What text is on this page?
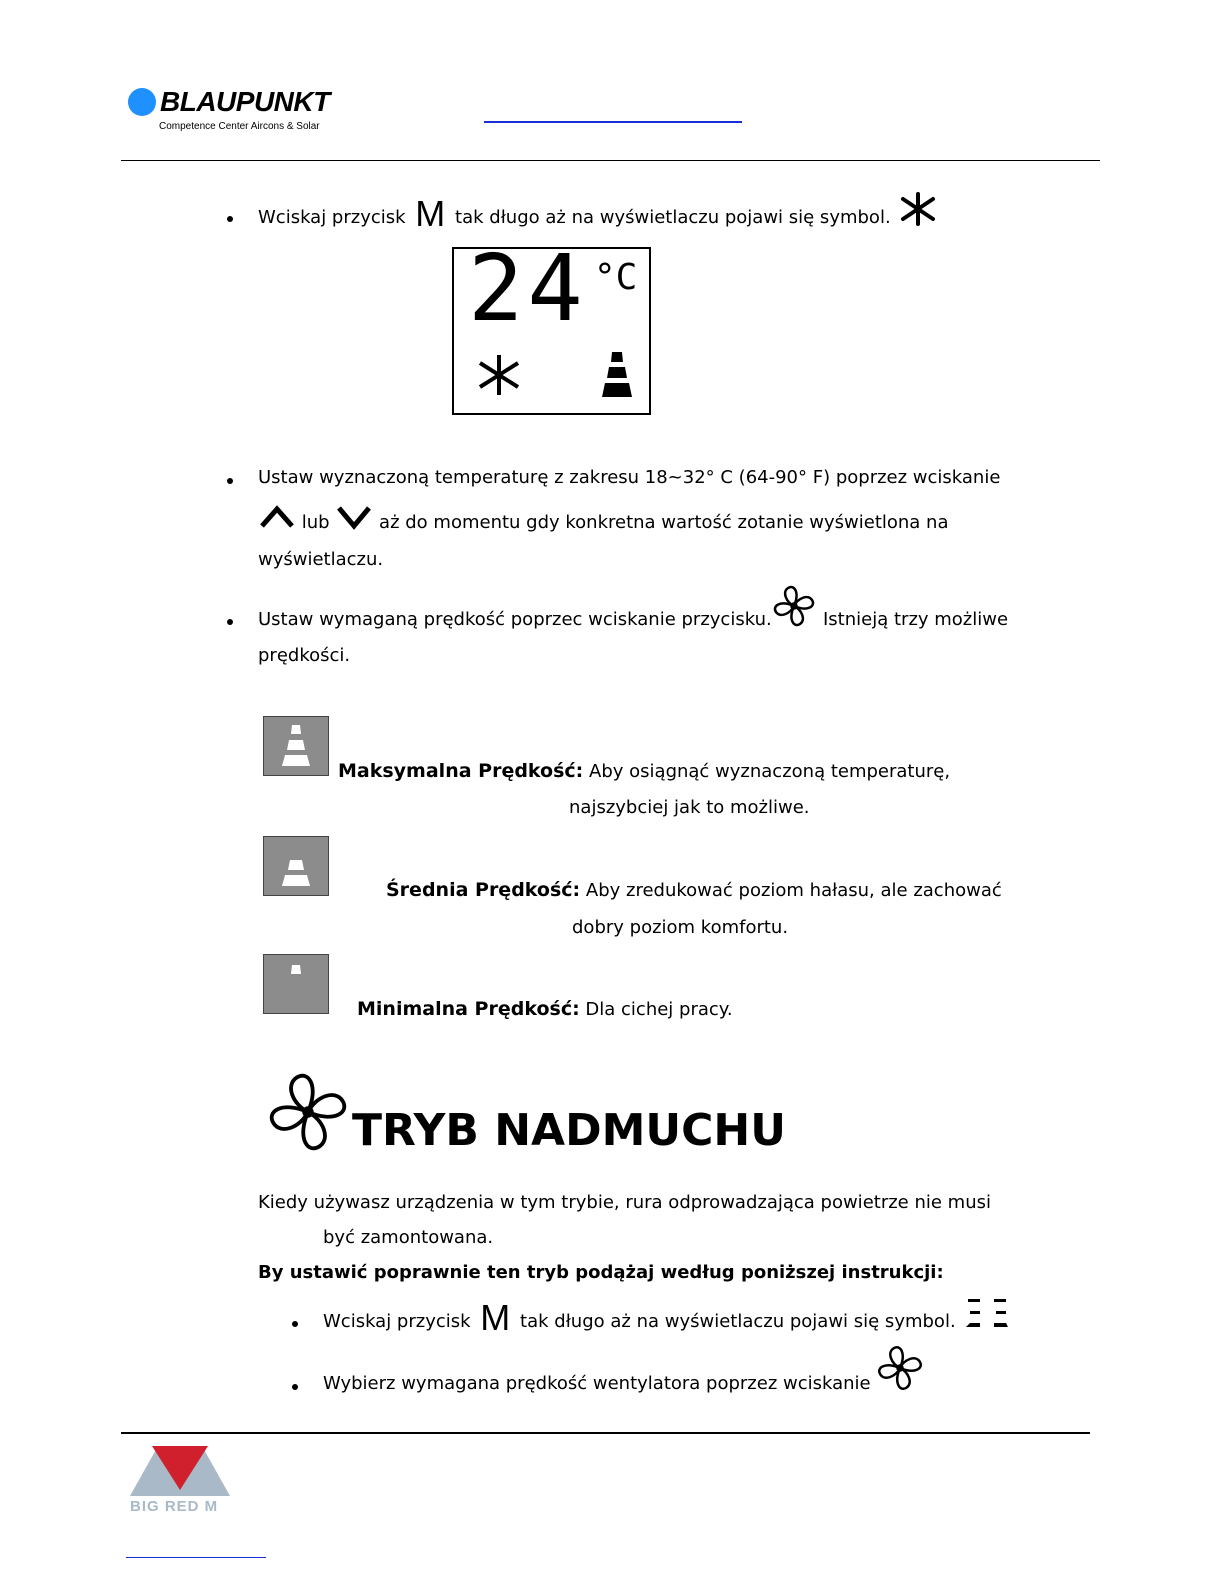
BLAUPUNKT
Competence Center Aircons & Solar
Wciskaj przycisk M tak długo aż na wyświetlaczu pojawi się symbol.
24 °C
Ustaw wyznaczoną temperaturę z zakresu 18~32° C (64-90° F) poprzez wciskanie
lub	aż do momentu gdy konkretna wartość zotanie wyświetlona na
wyświetlaczu.
Ustaw wymaganą prędkość poprzec wciskanie przycisku.	Istnieją trzy możliwe
prędkości.
Maksymalna Prędkość: Aby osiągnąć wyznaczoną temperaturę,
najszybciej jak to możliwe.
Średnia Prędkość: Aby zredukować poziom hałasu, ale zachować
dobry poziom komfortu.
Minimalna Prędkość: Dla cichej pracy.
TRYB NADMUCHU
Kiedy używasz urządzenia w tym trybie, rura odprowadzająca powietrze nie musi
być zamontowana.
By ustawić poprawnie ten tryb podążaj według poniższej instrukcji:
Wciskaj przycisk M tak długo aż na wyświetlaczu pojawi się symbol.
Wybierz wymagana prędkość wentylatora poprzez wciskanie
BIG RED M
